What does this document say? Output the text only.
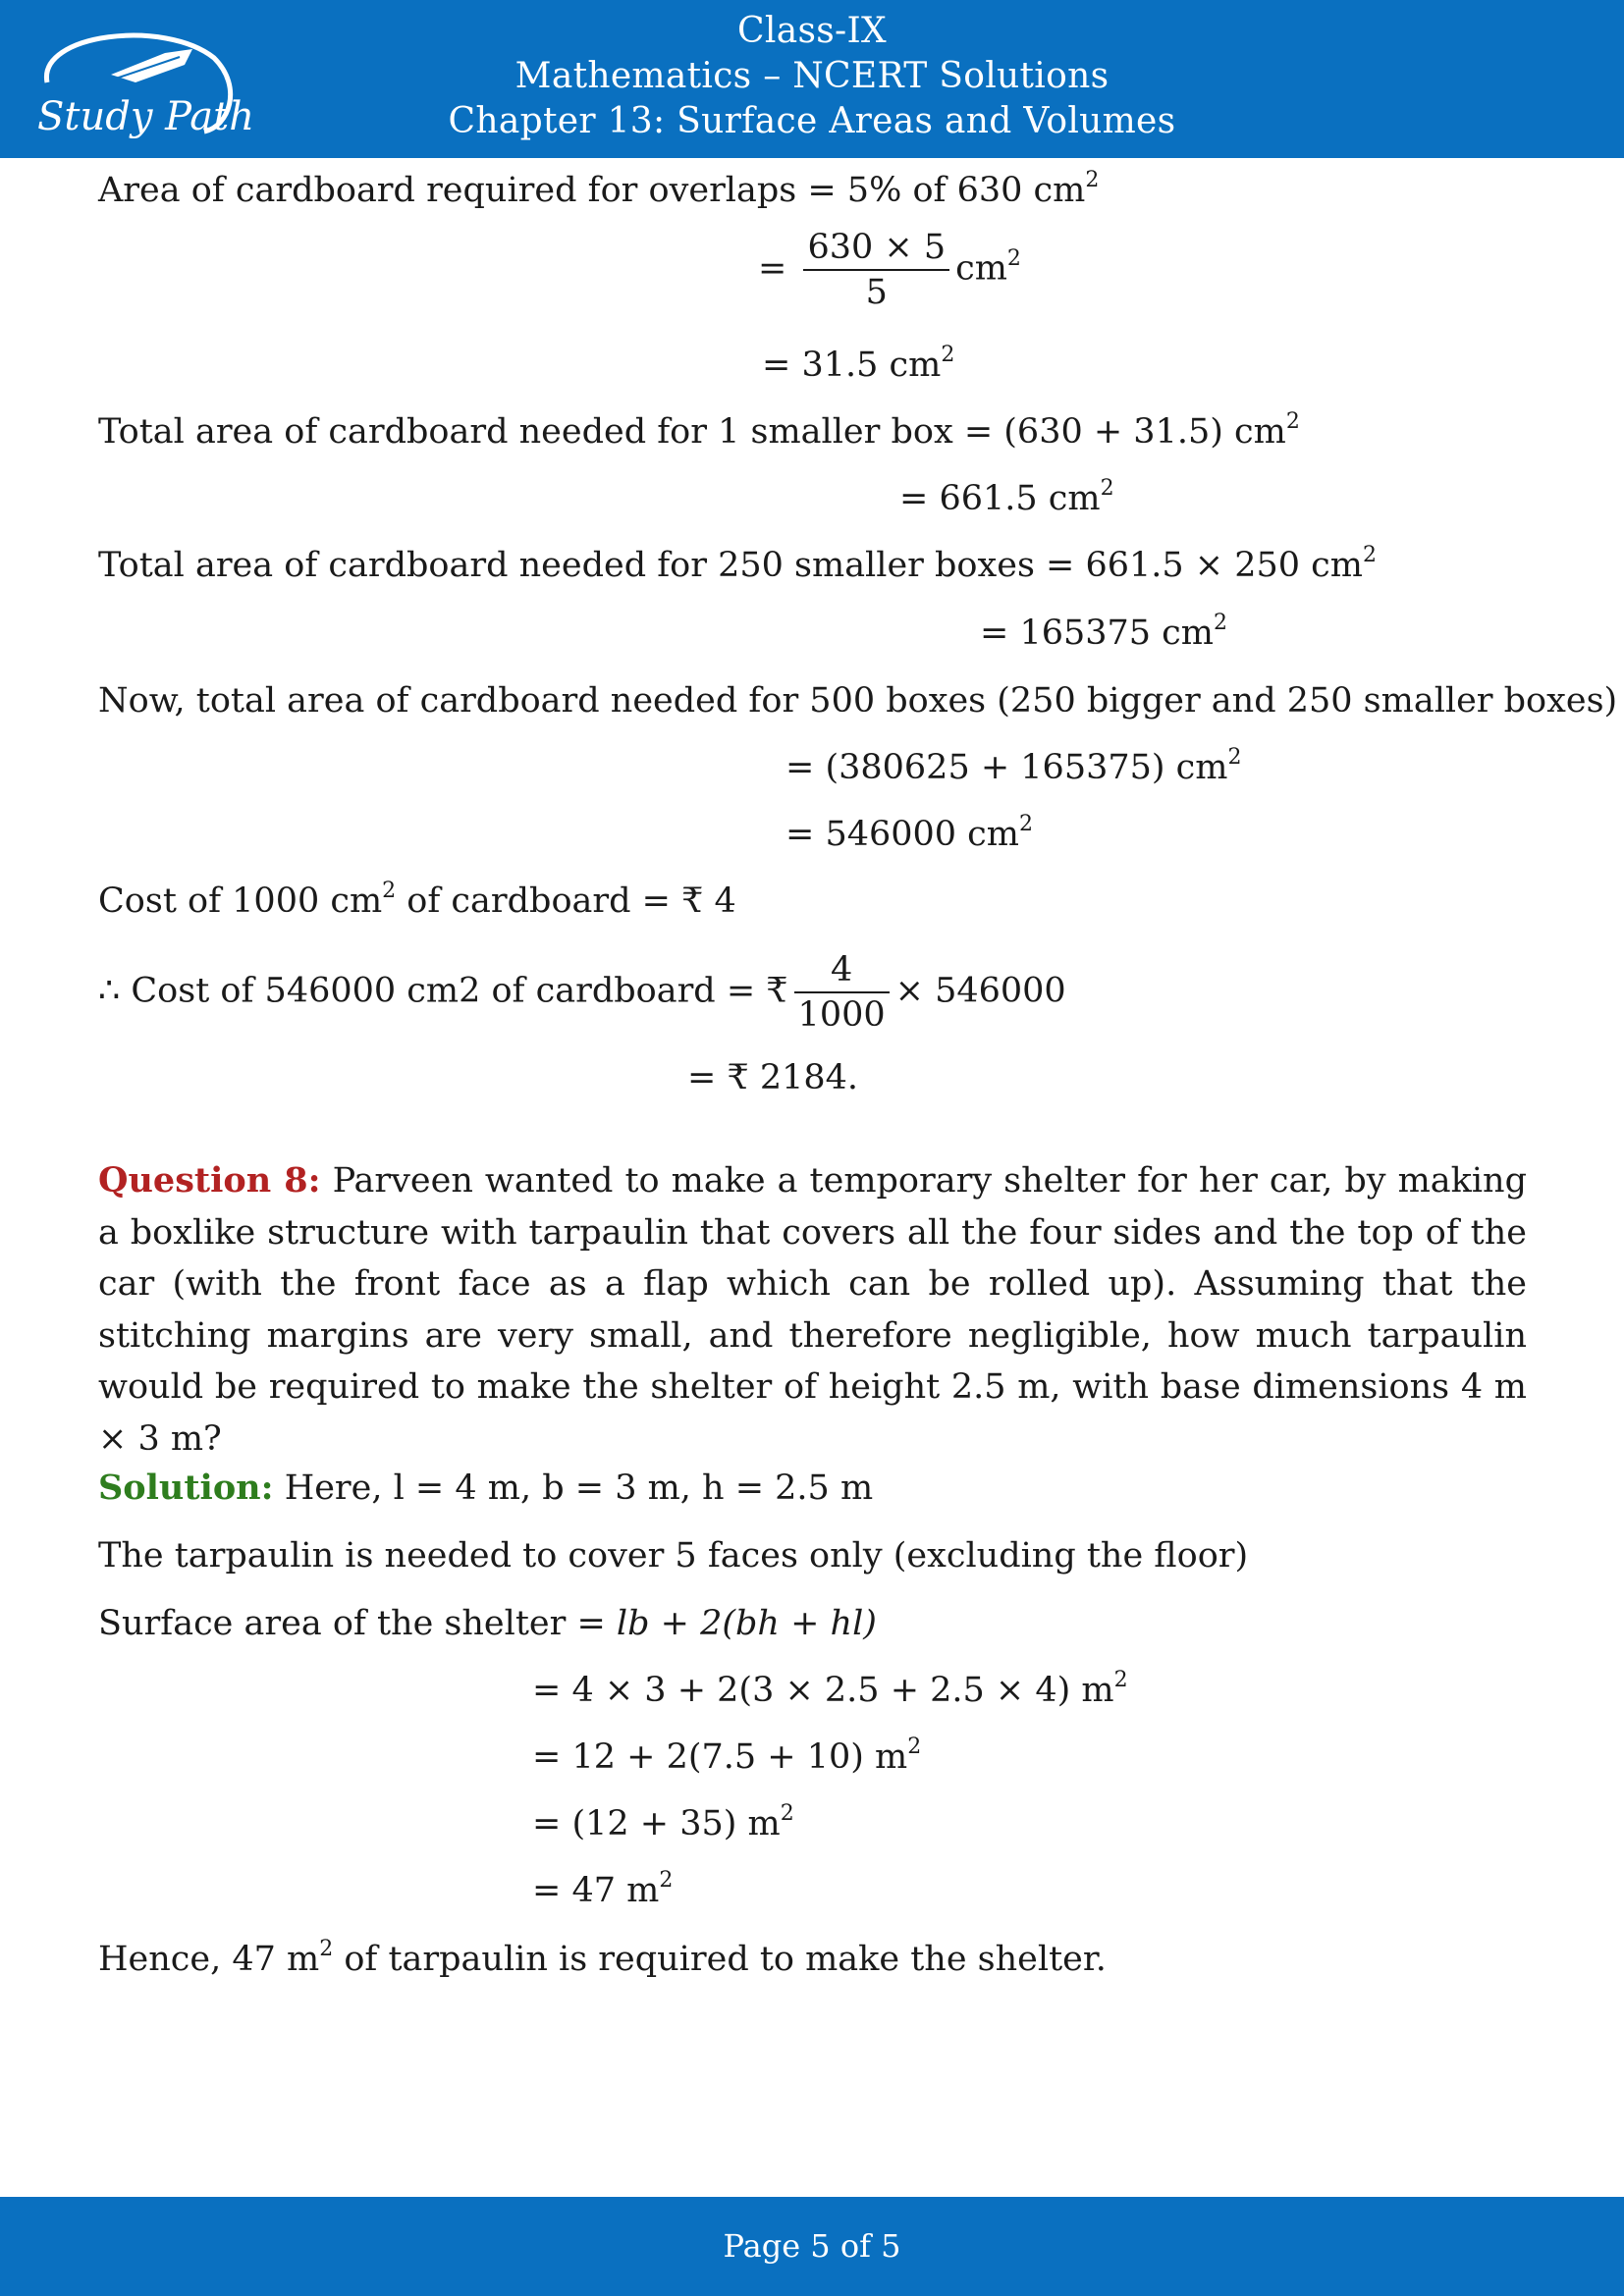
Study Path
Class-IX
Mathematics – NCERT Solutions
Chapter 13: Surface Areas and Volumes
Area of cardboard required for overlaps = 5% of 630 $cm^2$
= $\frac{630 \times 5}{5} cm^2$
= 31.5 $cm^2$
Total area of cardboard needed for 1 smaller box = (630 + 31.5) $cm^2$
= 661.5 $cm^2$
Total area of cardboard needed for 250 smaller boxes = 661.5 × 250 $cm^2$
= 165375 $cm^2$
Now, total area of cardboard needed for 500 boxes (250 bigger and 250 smaller boxes)
= (380625 + 165375) $cm^2$
= 546000 $cm^2$
Cost of 1000 $cm^2$ of cardboard = ₹ 4
∴ Cost of 546000 cm2 of cardboard = ₹ $\frac{4}{1000} \times 546000$
= ₹ 2184.
Question 8: Parveen wanted to make a temporary shelter for her car, by making a boxlike structure with tarpaulin that covers all the four sides and the top of the car (with the front face as a flap which can be rolled up). Assuming that the stitching margins are very small, and therefore negligible, how much tarpaulin would be required to make the shelter of height 2.5 m, with base dimensions 4 m × 3 m?
Solution: Here, l = 4 m, b = 3 m, h = 2.5 m
The tarpaulin is needed to cover 5 faces only (excluding the floor)
Surface area of the shelter = lb + 2(bh + hl)
= 4 × 3 + 2(3 × 2.5 + 2.5 × 4) $m^2$
= 12 + 2(7.5 + 10) $m^2$
= (12 + 35) $m^2$
= 47 $m^2$
Hence, 47 $m^2$ of tarpaulin is required to make the shelter.
Page 5 of 5
